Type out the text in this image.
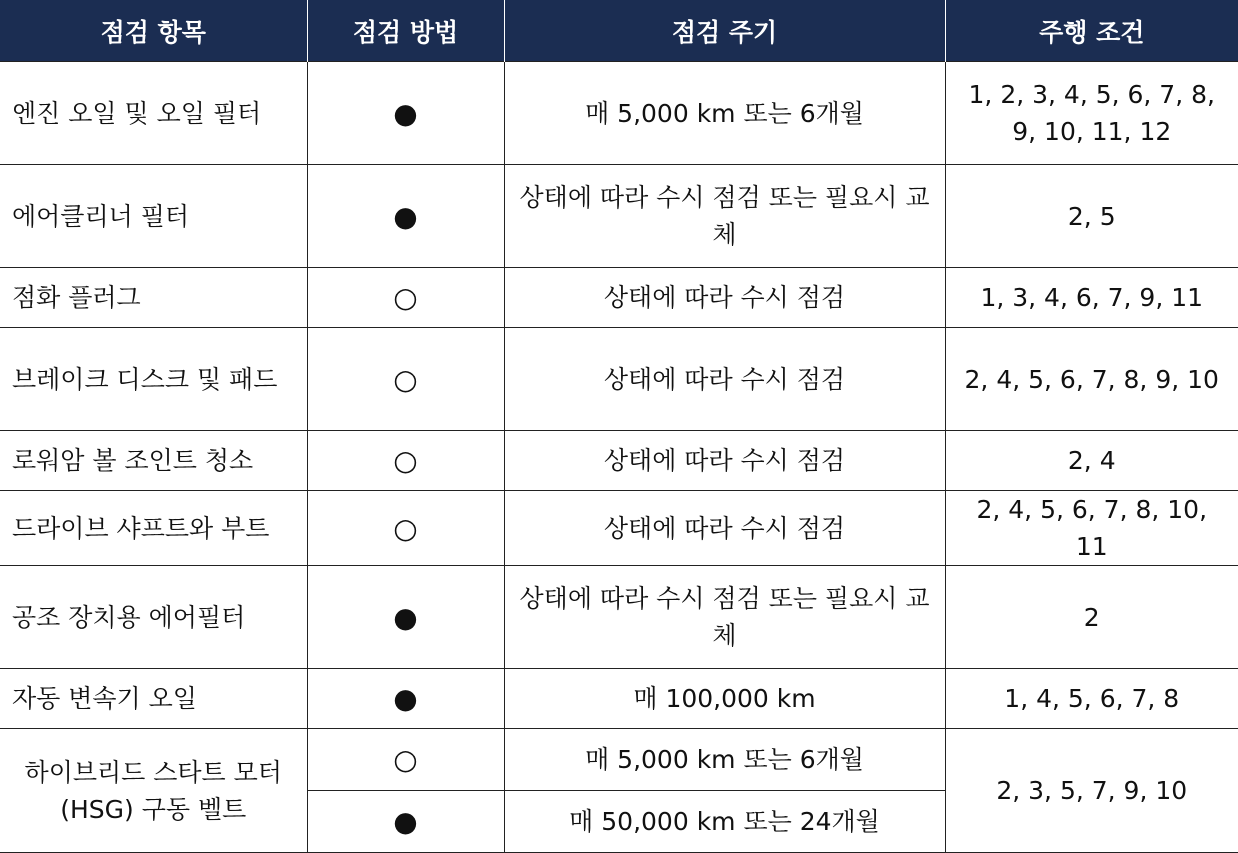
점검 항목	점검 방법	점검 주기	주행 조건
엔진 오일 및 오일 필터	●	매 5,000 km 또는 6개월	1, 2, 3, 4, 5, 6, 7, 8, 9, 10, 11, 12
에어클리너 필터	●	상태에 따라 수시 점검 또는 필요시 교체	2, 5
점화 플러그	○	상태에 따라 수시 점검	1, 3, 4, 6, 7, 9, 11
브레이크 디스크 및 패드	○	상태에 따라 수시 점검	2, 4, 5, 6, 7, 8, 9, 10
로워암 볼 조인트 청소	○	상태에 따라 수시 점검	2, 4
드라이브 샤프트와 부트	○	상태에 따라 수시 점검	2, 4, 5, 6, 7, 8, 10, 11
공조 장치용 에어필터	●	상태에 따라 수시 점검 또는 필요시 교체	2
자동 변속기 오일	●	매 100,000 km	1, 4, 5, 6, 7, 8
하이브리드 스타트 모터(HSG) 구동 벨트	○	매 5,000 km 또는 6개월	2, 3, 5, 7, 9, 10
	●	매 50,000 km 또는 24개월	
